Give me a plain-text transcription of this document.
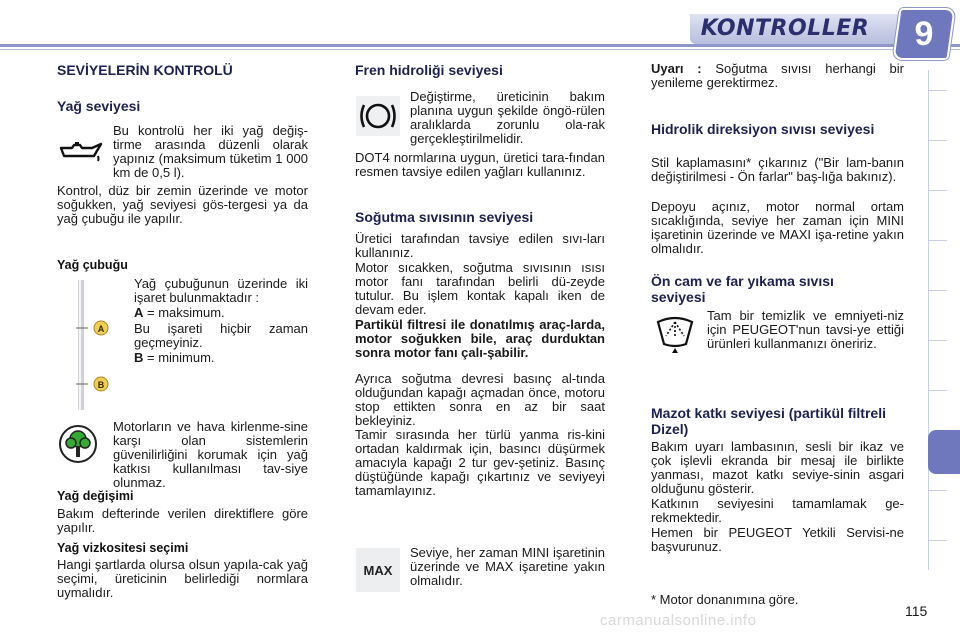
KONTROLLER	9
SEVİYELERİN KONTROLÜ
Yağ seviyesi

Bu kontrolü her iki yağ değiş-tirme arasında düzenli olarak yapınız (maksimum tüketim 1 000 km de 0,5 l).

Kontrol, düz bir zemin üzerinde ve motor soğukken, yağ seviyesi gös-tergesi ya da yağ çubuğu ile yapılır.

Yağ çubuğu
A
B

Yağ çubuğunun üzerinde iki işaret bulunmaktadır :

A = maksimum.

Bu işareti hiçbir zaman geçmeyiniz.

B = minimum.

Motorların ve hava kirlenme-sine karşı olan sistemlerin güvenilirliğini korumak için yağ katkısı kullanılması tav-siye olunmaz.

Yağ değişimi

Bakım defterinde verilen direktiflere göre yapılır.

Yağ vizkositesi seçimi

Hangi şartlarda olursa olsun yapıla-cak yağ seçimi, üreticinin belirlediği normlara uymalıdır.

Fren hidroliği seviyesi

Değiştirme, üreticinin bakım planına uygun şekilde öngö-rülen aralıklarda zorunlu ola-rak gerçekleştirilmelidir.

DOT4 normlarına uygun, üretici tara-fından resmen tavsiye edilen yağları kullanınız.

Soğutma sıvısının seviyesi

Üretici tarafından tavsiye edilen sıvı-ları kullanınız.

Motor sıcakken, soğutma sıvısının ısısı motor fanı tarafından belirli dü-zeyde tutulur. Bu işlem kontak kapalı iken de devam eder.

Partikül filtresi ile donatılmış araç-larda, motor soğukken bile, araç durduktan sonra motor fanı çalı-şabilir.

Ayrıca soğutma devresi basınç al-tında olduğundan kapağı açmadan önce, motoru stop ettikten sonra en az bir saat bekleyiniz.

Tamir sırasında her türlü yanma ris-kini ortadan kaldırmak için, basıncı düşürmek amacıyla kapağı 2 tur gev-şetiniz. Basınç düştüğünde kapağı çıkartınız ve seviyeyi tamamlayınız.

MAX

Seviye, her zaman MINI işaretinin üzerinde ve MAX işaretine yakın olmalıdır.

Uyarı : Soğutma sıvısı herhangi bir yenileme gerektirmez.

Hidrolik direksiyon sıvısı seviyesi

Stil kaplamasını* çıkarınız ("Bir lam-banın değiştirilmesi - Ön farlar" baş-lığa bakınız).

Depoyu açınız, motor normal ortam sıcaklığında, seviye her zaman için MINI işaretinin üzerinde ve MAXI işa-retine yakın olmalıdır.

Ön cam ve far yıkama sıvısı seviyesi

Tam bir temizlik ve emniyeti-niz için PEUGEOT'nun tavsi-ye ettiği ürünleri kullanmanızı öneririz.

Mazot katkı seviyesi (partikül filtreli Dizel)

Bakım uyarı lambasının, sesli bir ikaz ve çok işlevli ekranda bir mesaj ile birlikte yanması, mazot katkı seviye-sinin asgari olduğunu gösterir.

Katkının seviyesini tamamlamak ge-rekmektedir.

Hemen bir PEUGEOT Yetkili Servisi-ne başvurunuz.

* Motor donanımına göre.

carmanualsonline.info
115
